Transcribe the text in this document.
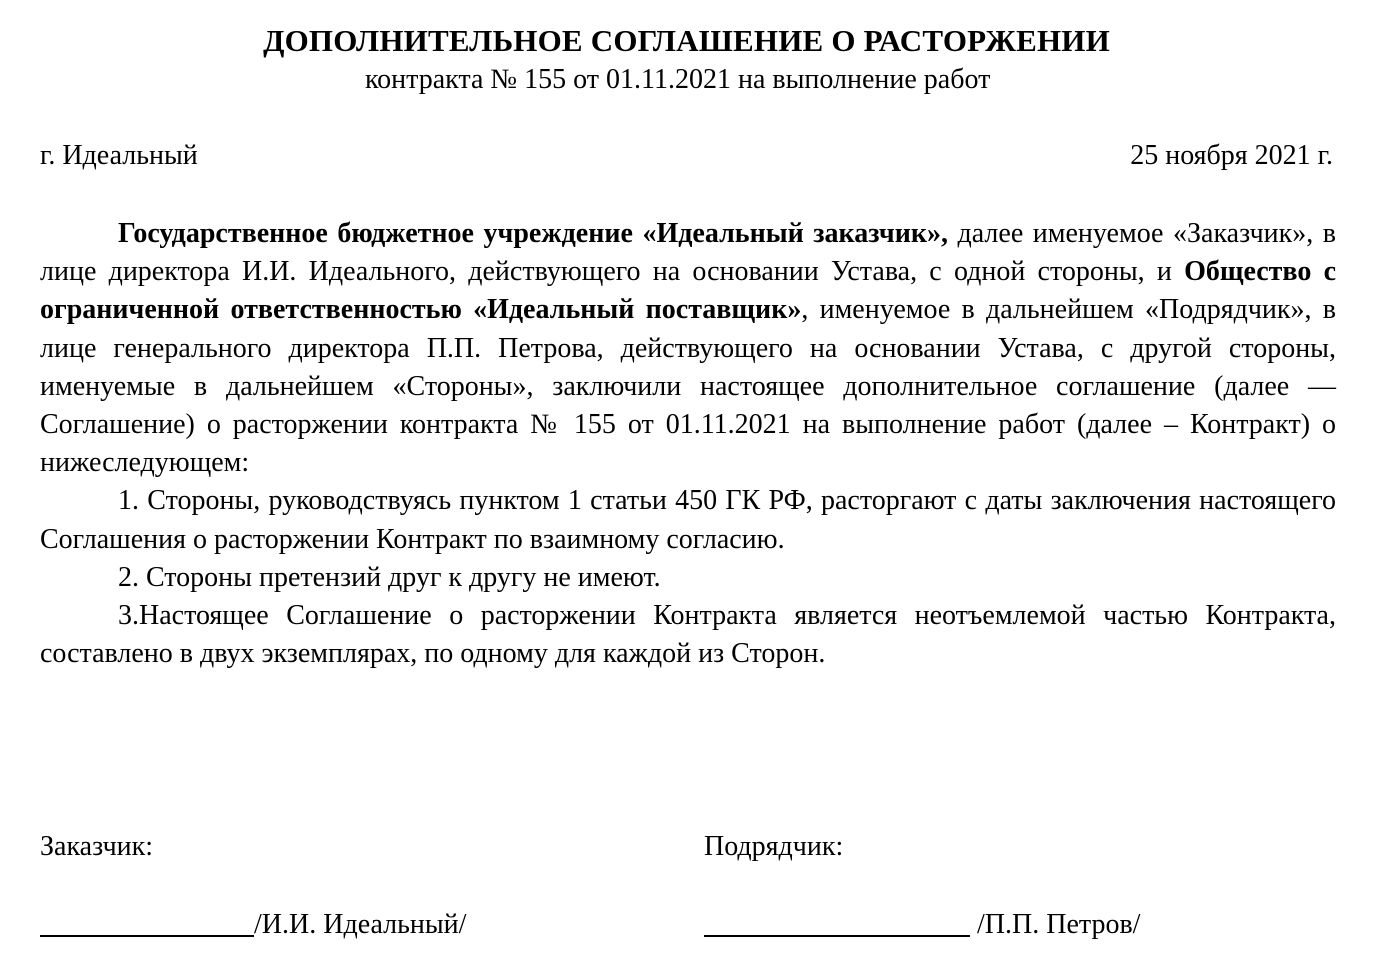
ДОПОЛНИТЕЛЬНОЕ СОГЛАШЕНИЕ О РАСТОРЖЕНИИ
контракта № 155 от 01.11.2021 на выполнение работ
г. Идеальный	25 ноября 2021 г.

Государственное бюджетное учреждение «Идеальный заказчик», далее именуемое «Заказчик», в лице директора И.И. Идеального, действующего на основании Устава, с одной стороны, и Общество с ограниченной ответственностью «Идеальный поставщик», именуемое в дальнейшем «Подрядчик», в лице генерального директора П.П. Петрова, действующего на основании Устава, с другой стороны, именуемые в дальнейшем «Стороны», заключили настоящее дополнительное соглашение (далее — Соглашение) о расторжении контракта № 155 от 01.11.2021 на выполнение работ (далее – Контракт) о нижеследующем:

1. Стороны, руководствуясь пунктом 1 статьи 450 ГК РФ, расторгают с даты заключения настоящего Соглашения о расторжении Контракт по взаимному согласию.

2. Стороны претензий друг к другу не имеют.

3.Настоящее Соглашение о расторжении Контракта является неотъемлемой частью Контракта, составлено в двух экземплярах, по одному для каждой из Сторон.

Заказчик:	Подрядчик:
/И.И. Идеальный/	/П.П. Петров/
